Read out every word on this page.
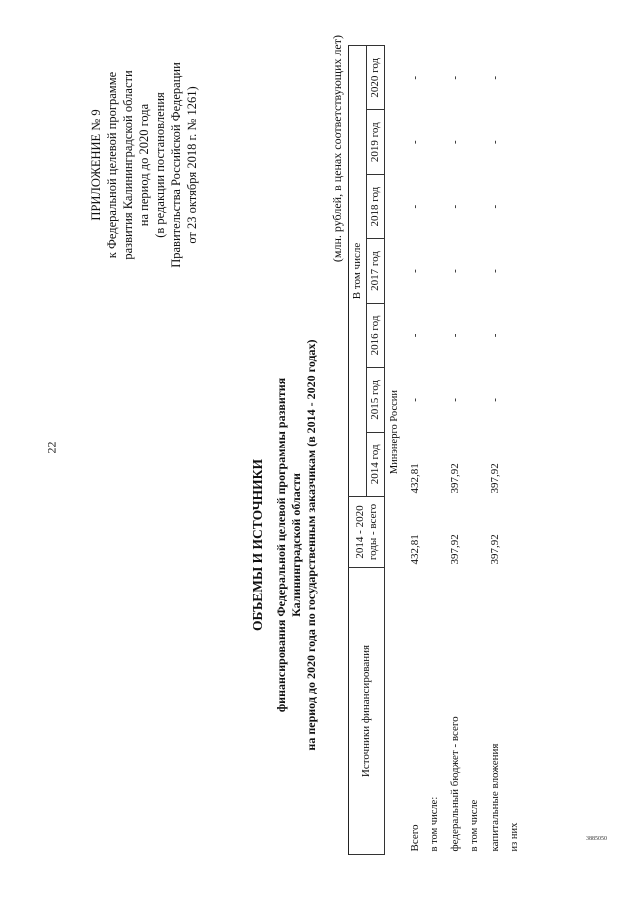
22
3885050
ПРИЛОЖЕНИЕ № 9 к Федеральной целевой программе развития Калининградской области на период до 2020 года (в редакции постановления Правительства Российской Федерации от 23 октября 2018 г. № 1261)
ОБЪЕМЫ И ИСТОЧНИКИ финансирования Федеральной целевой программы развития Калининградской области на период до 2020 года по государственным заказчикам (в 2014 - 2020 годах)
(млн. рублей, в ценах соответствующих лет)
Источники финансирования	2014 - 2020 годы - всего	В том числе						
		2014 год	2015 год	2016 год	2017 год	2018 год	2019 год	2020 год
		Минэнерго России						
Всего	432,81	432,81	-	-	-	-	-	-
в том числе:								
федеральный бюджет - всего	397,92	397,92	-	-	-	-	-	-
в том числе								
капитальные вложения	397,92	397,92	-	-	-	-	-	-
из них								
